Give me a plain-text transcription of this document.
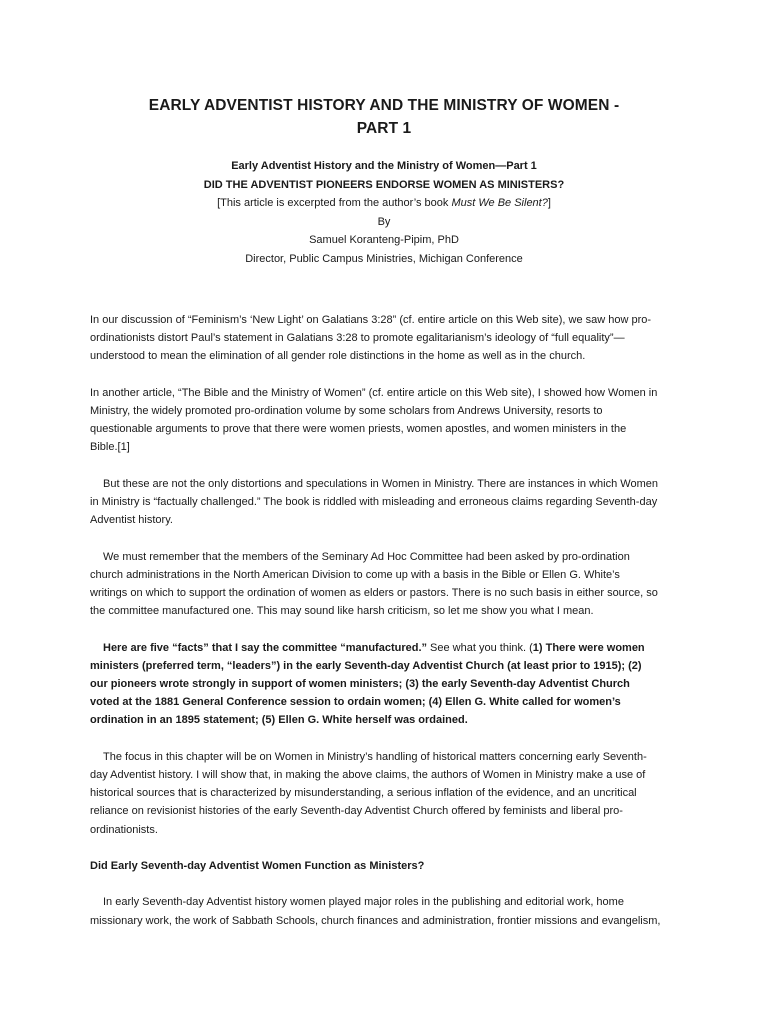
EARLY ADVENTIST HISTORY AND THE MINISTRY OF WOMEN -
PART 1
Early Adventist History and the Ministry of Women—Part 1
DID THE ADVENTIST PIONEERS ENDORSE WOMEN AS MINISTERS?
[This article is excerpted from the author’s book Must We Be Silent?]
By
Samuel Koranteng-Pipim, PhD
Director, Public Campus Ministries, Michigan Conference

In our discussion of “Feminism’s ‘New Light’ on Galatians 3:28” (cf. entire article on this Web site), we saw how pro-
ordinationists distort Paul’s statement in Galatians 3:28 to promote egalitarianism’s ideology of “full equality”—
understood to mean the elimination of all gender role distinctions in the home as well as in the church.

In another article, “The Bible and the Ministry of Women” (cf. entire article on this Web site), I showed how Women in
Ministry, the widely promoted pro-ordination volume by some scholars from Andrews University, resorts to
questionable arguments to prove that there were women priests, women apostles, and women ministers in the
Bible.[1]

But these are not the only distortions and speculations in Women in Ministry. There are instances in which Women
in Ministry is “factually challenged.” The book is riddled with misleading and erroneous claims regarding Seventh-day
Adventist history.

We must remember that the members of the Seminary Ad Hoc Committee had been asked by pro-ordination
church administrations in the North American Division to come up with a basis in the Bible or Ellen G. White’s
writings on which to support the ordination of women as elders or pastors. There is no such basis in either source, so
the committee manufactured one. This may sound like harsh criticism, so let me show you what I mean.

Here are five “facts” that I say the committee “manufactured.” See what you think. (1) There were women
ministers (preferred term, “leaders”) in the early Seventh-day Adventist Church (at least prior to 1915); (2)
our pioneers wrote strongly in support of women ministers; (3) the early Seventh-day Adventist Church
voted at the 1881 General Conference session to ordain women; (4) Ellen G. White called for women’s
ordination in an 1895 statement; (5) Ellen G. White herself was ordained.

The focus in this chapter will be on Women in Ministry’s handling of historical matters concerning early Seventh-
day Adventist history. I will show that, in making the above claims, the authors of Women in Ministry make a use of
historical sources that is characterized by misunderstanding, a serious inflation of the evidence, and an uncritical
reliance on revisionist histories of the early Seventh-day Adventist Church offered by feminists and liberal pro-
ordinationists.

Did Early Seventh-day Adventist Women Function as Ministers?

In early Seventh-day Adventist history women played major roles in the publishing and editorial work, home
missionary work, the work of Sabbath Schools, church finances and administration, frontier missions and evangelism,
